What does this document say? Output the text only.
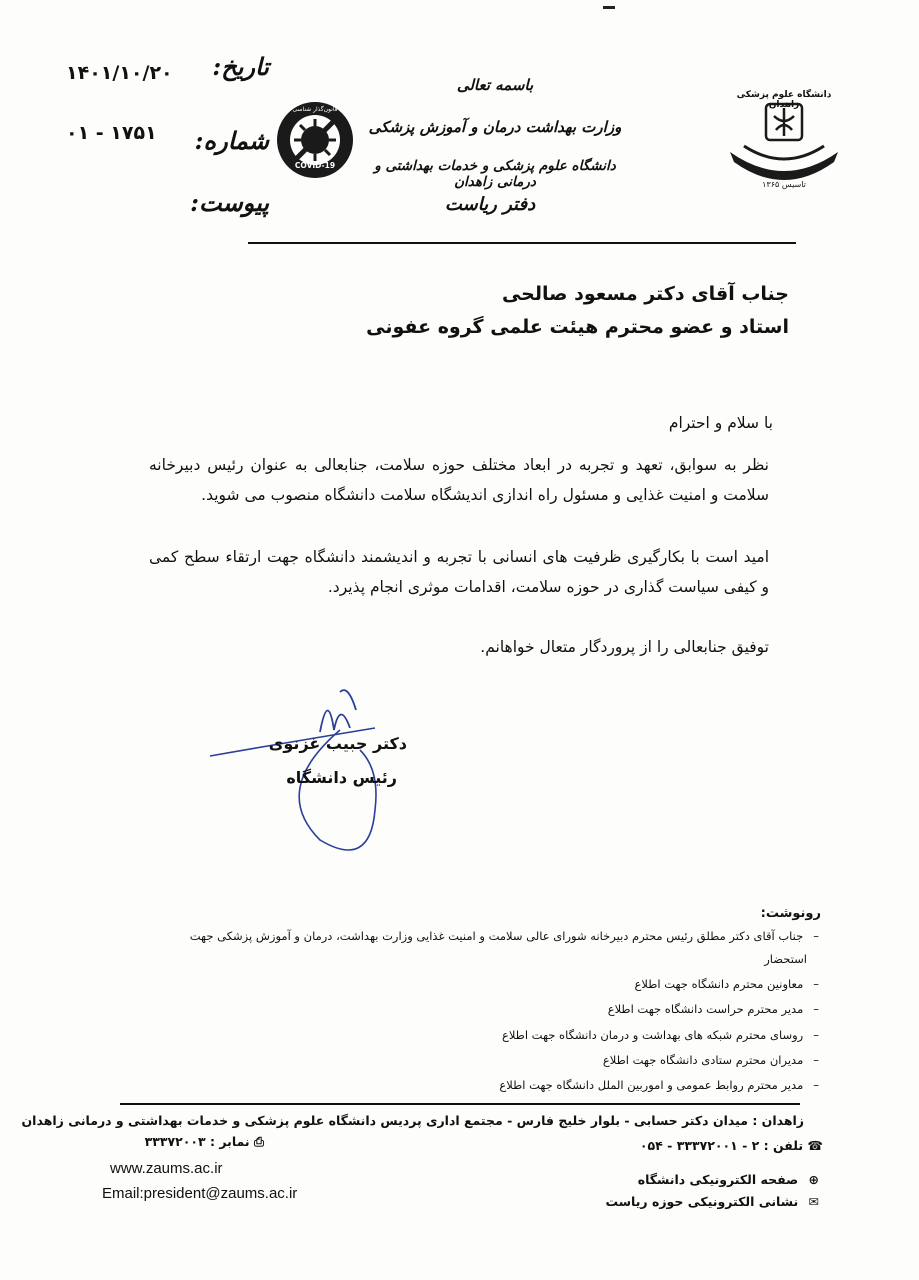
تاریخ:
۱۴۰۱/۱۰/۲۰
شماره:
۰۱ - ۱۷۵۱
پیوست:
COVID-19
قانون‌گذار شناسی
باسمه تعالی
وزارت بهداشت درمان و آموزش پزشکی
دانشگاه علوم پزشکی و خدمات بهداشتی و درمانی زاهدان
دفتر ریاست
دانشگاه علوم پزشکی زاهدان
تاسیس ۱۳۶۵
جناب آقای دکتر مسعود صالحی
استاد و عضو محترم هیئت علمی گروه عفونی
با سلام و احترام
نظر به سوابق، تعهد و تجربه در ابعاد مختلف حوزه سلامت، جنابعالی به عنوان رئیس دبیرخانه سلامت و امنیت غذایی و مسئول راه اندازی اندیشگاه سلامت دانشگاه منصوب می شوید.
امید است با بکارگیری ظرفیت های انسانی با تجربه و اندیشمند دانشگاه جهت ارتقاء سطح کمی و کیفی سیاست گذاری در حوزه سلامت، اقدامات موثری انجام پذیرد.
توفیق جنابعالی را از پروردگار متعال خواهانم.
دکتر حبیب غزنوی
رئیس دانشگاه
رونوشت:
–جناب آقای دکتر مطلق رئیس محترم دبیرخانه شورای عالی سلامت و امنیت غذایی وزارت بهداشت، درمان و آموزش پزشکی جهت
استحضار
–معاونین محترم دانشگاه جهت اطلاع
–مدیر محترم حراست دانشگاه جهت اطلاع
–روسای محترم شبکه های بهداشت و درمان دانشگاه جهت اطلاع
–مدیران محترم ستادی دانشگاه جهت اطلاع
–مدیر محترم روابط عمومی و اموربین الملل دانشگاه جهت اطلاع
زاهدان : میدان دکتر حسابی - بلوار خلیج فارس - مجتمع اداری پردیس دانشگاه علوم پزشکی و خدمات بهداشتی و درمانی زاهدان
☎ تلفن : ۲ - ۳۳۳۷۲۰۰۱ - ۰۵۴
⎙ نمابر : ۳۳۳۷۲۰۰۳
⊕ صفحه الکترونیکی دانشگاه
✉ نشانی الکترونیکی حوزه ریاست
www.zaums.ac.ir
Email:president@zaums.ac.ir
